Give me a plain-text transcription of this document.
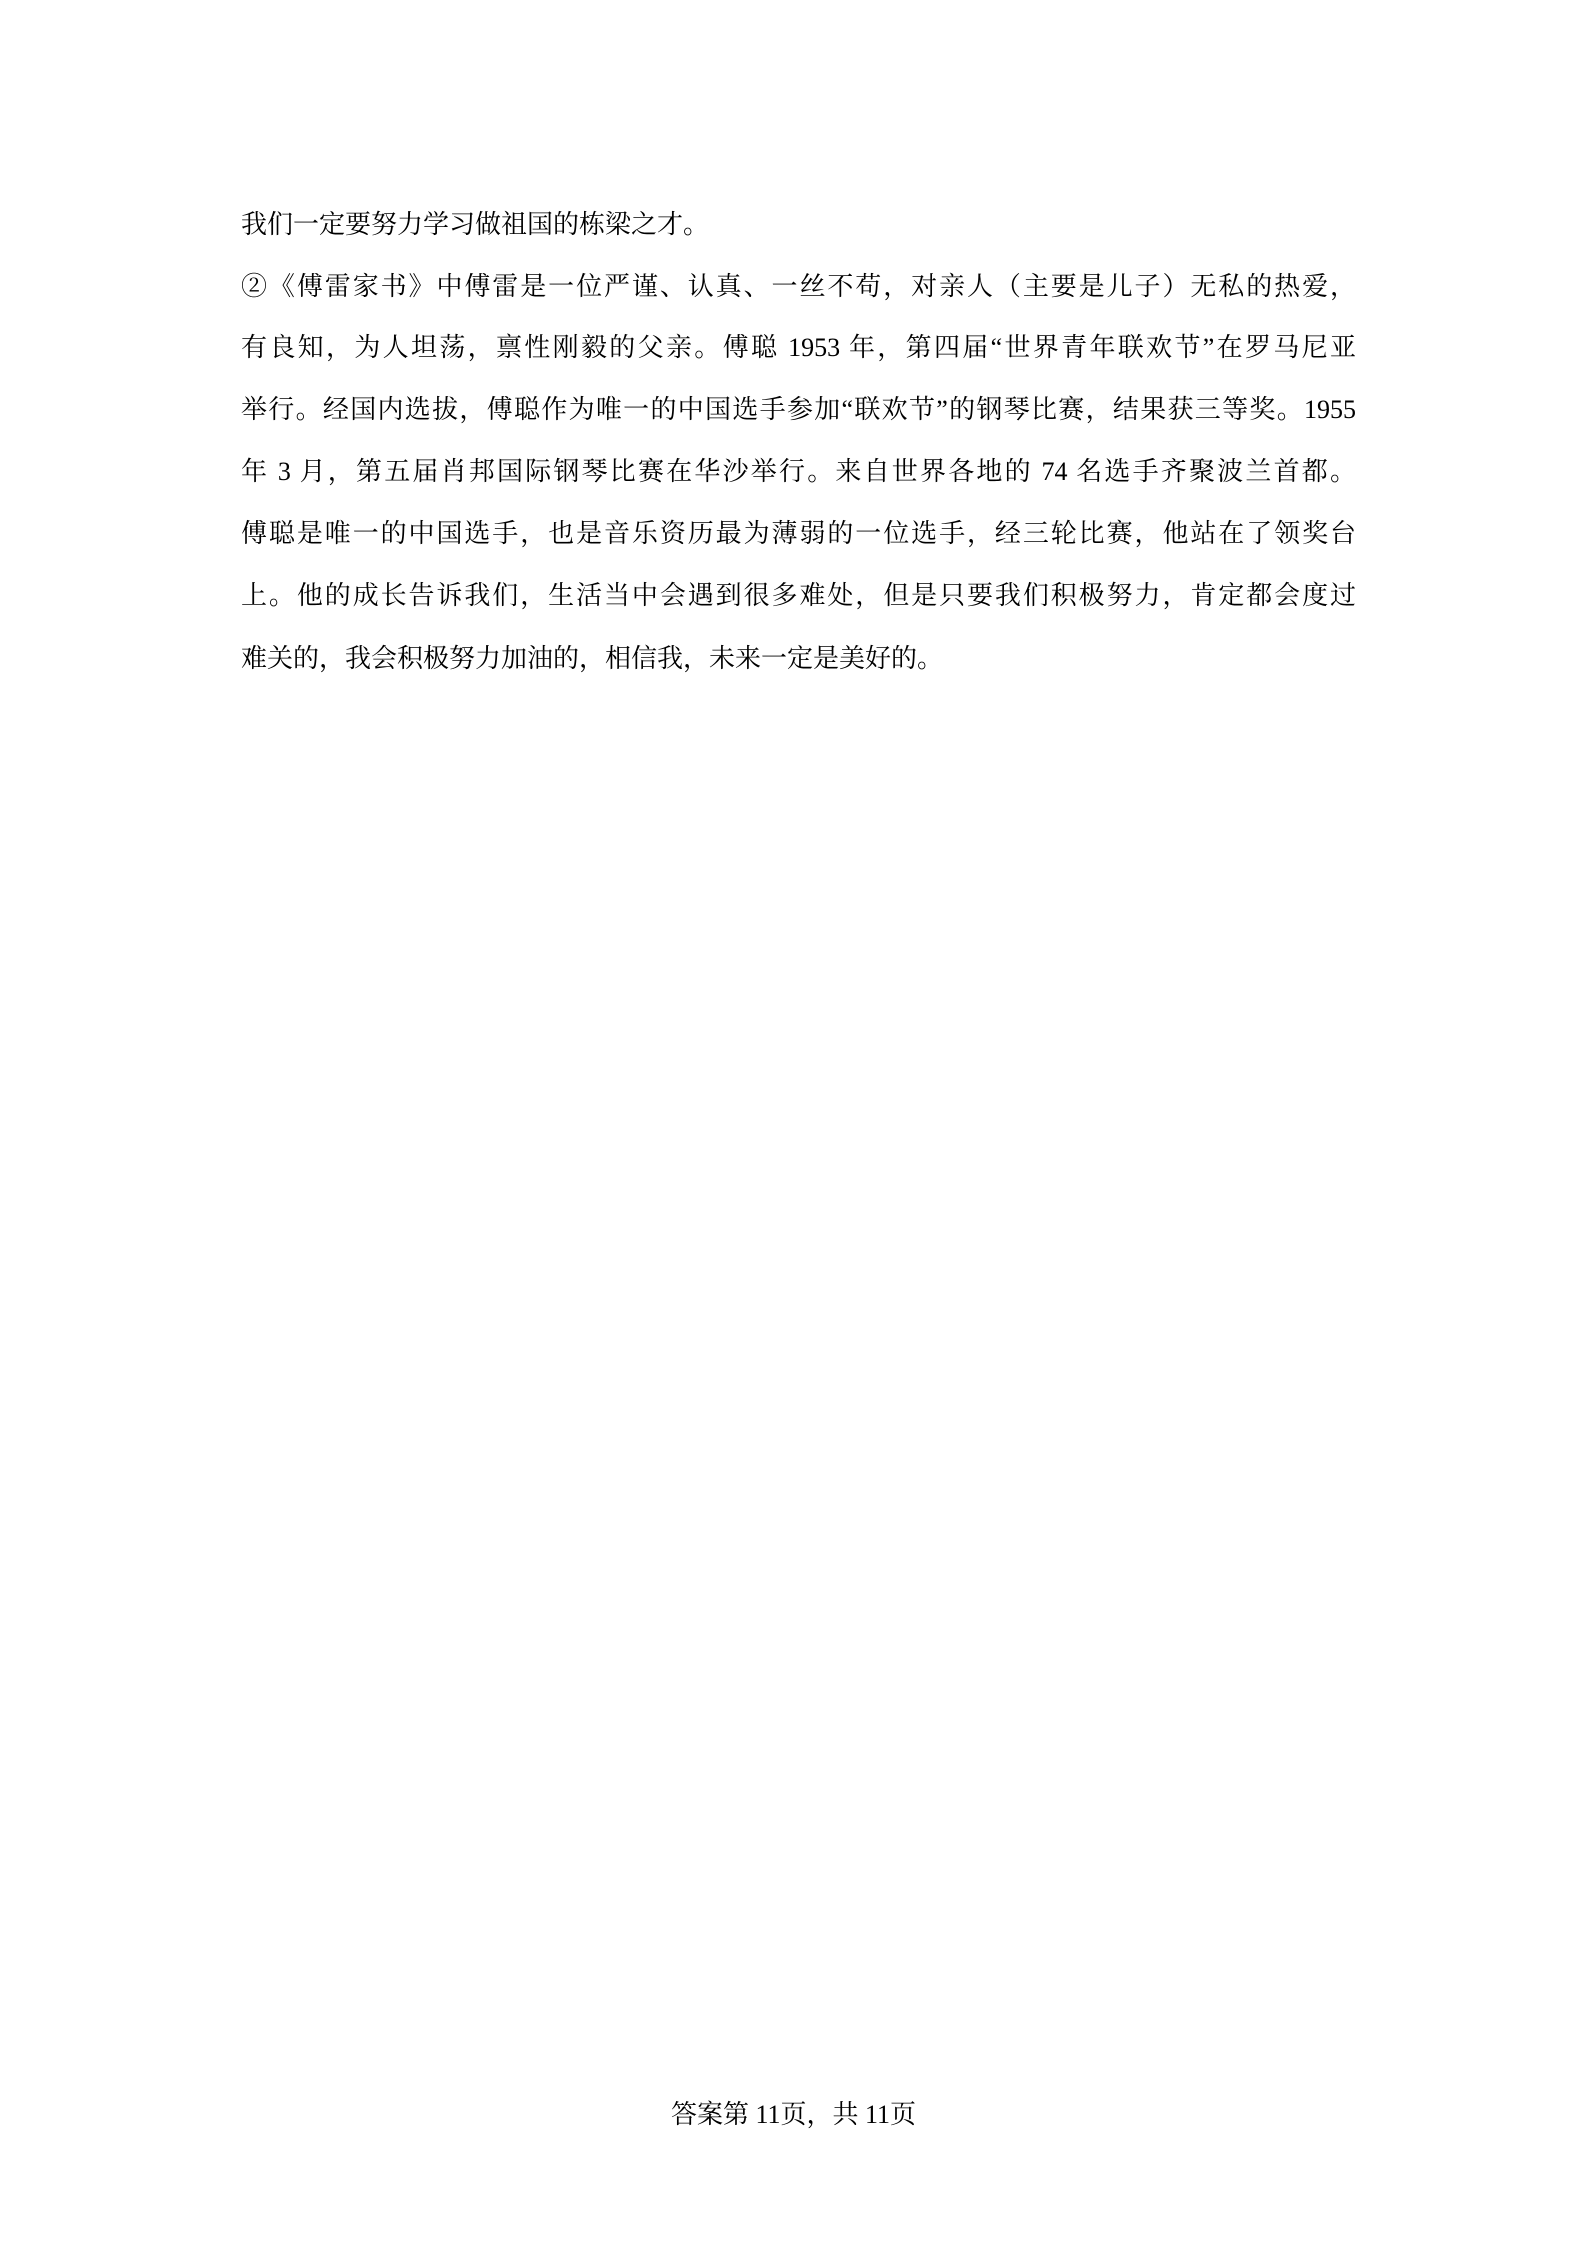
我们一定要努力学习做祖国的栋梁之才。
②《傅雷家书》中傅雷是一位严谨、认真、一丝不苟，对亲人（主要是儿子）无私的热爱，
有良知，为人坦荡，禀性刚毅的父亲。傅聪 1953 年，第四届“世界青年联欢节”在罗马尼亚
举行。经国内选拔，傅聪作为唯一的中国选手参加“联欢节”的钢琴比赛，结果获三等奖。1955
年 3 月，第五届肖邦国际钢琴比赛在华沙举行。来自世界各地的 74 名选手齐聚波兰首都。
傅聪是唯一的中国选手，也是音乐资历最为薄弱的一位选手，经三轮比赛，他站在了领奖台
上。他的成长告诉我们，生活当中会遇到很多难处，但是只要我们积极努力，肯定都会度过
难关的，我会积极努力加油的，相信我，未来一定是美好的。
答案第 11页，共 11页
